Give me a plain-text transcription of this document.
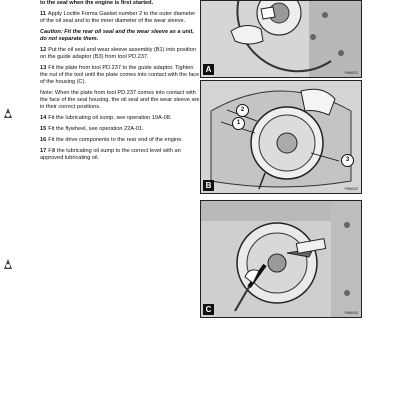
to the seal when the engine is first started.

11 Apply Loctite Forma Gasket number 2 to the outer diameter of the oil seal and to the inner diameter of the wear sleeve.

Caution: Fit the rear oil seal and the wear sleeve as a unit, do not separate them.

12 Put the oil seal and wear sleeve assembly (B1) into position on the guide adaptor (B3) from tool PD.237.

13 Fit the plate from tool PD.237 to the guide adaptor. Tighten the nut of the tool until the plate comes into contact with the face of the housing (C).

Note: When the plate from tool PD.237 comes into contact with the face of the seal housing, the oil seal and the wear sleeve are in their correct positions.

14 Fit the lubricating oil sump, see operation 19A-08.

15 Fit the flywheel, see operation 22A-01.

16 Fit the drive components to the rear end of the engine.

17 Fill the lubricating oil sump to the correct level with an approved lubricating oil.

A	PW6021
2
1
3
B	PW6022
C	PW6040
